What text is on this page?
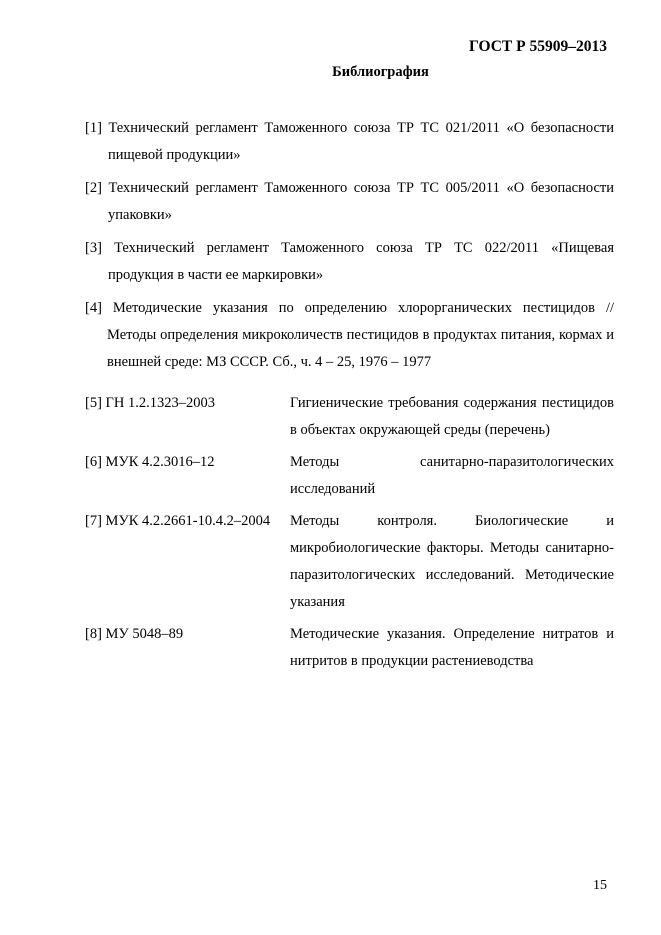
ГОСТ Р 55909–2013
Библиография

[1] Технический регламент Таможенного союза ТР ТС 021/2011 «О безопасности пищевой продукции»

[2] Технический регламент Таможенного союза ТР ТС 005/2011 «О безопасности упаковки»

[3] Технический регламент Таможенного союза ТР ТС 022/2011 «Пищевая продукция в части ее маркировки»

[4] Методические указания по определению хлорорганических пестицидов // Методы определения микроколичеств пестицидов в продуктах питания, кормах и внешней среде: МЗ СССР. Сб., ч. 4 – 25, 1976 – 1977

[5] ГН 1.2.1323–2003	Гигиенические требования содержания пестицидов в объектах окружающей среды (перечень)
[6] МУК 4.2.3016–12	Методы санитарно-паразитологических исследований
[7] МУК 4.2.2661-10.4.2–2004	Методы контроля. Биологические и микробиологические факторы. Методы санитарно-паразитологических исследований. Методические указания
[8] МУ 5048–89	Методические указания. Определение нитратов и нитритов в продукции растениеводства
15
